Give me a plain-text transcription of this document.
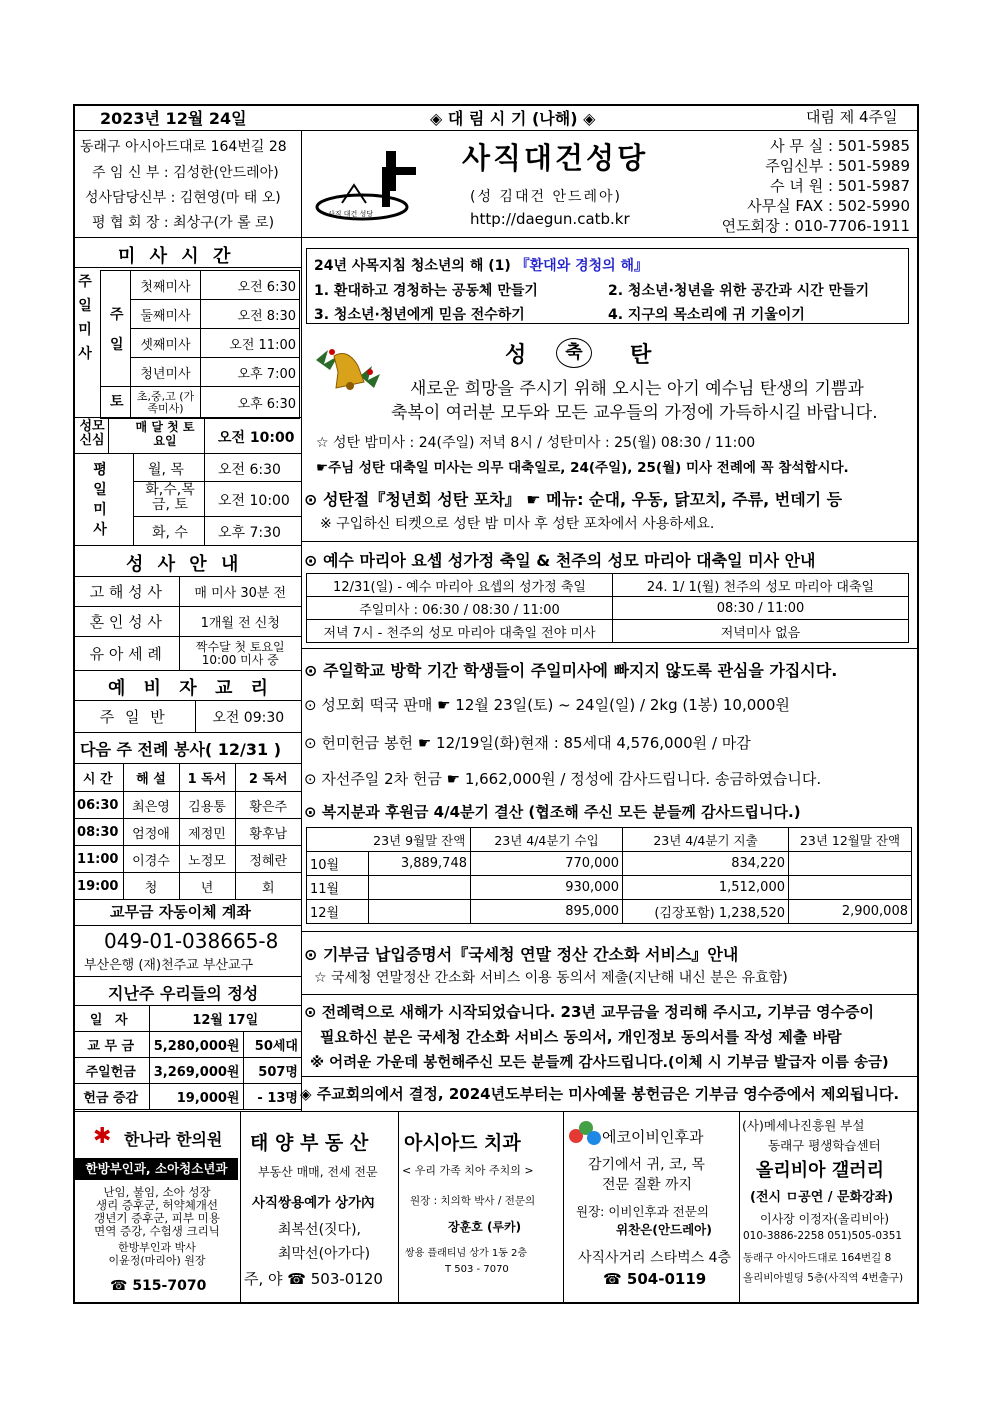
2023년 12월 24일	◈ 대 림 시 기 (나해) ◈	대림 제 4주일
동래구 아시아드대로 164번길 28
주 임 신 부 : 김성한(안드레아)
성사담당신부 : 김현영(마 태 오)
평 협 회 장 : 최상구(가 롤 로)
사직 대건 성당
사직대건성당
(성 김대건 안드레아)
http://daegun.catb.kr
사 무 실 : 501-5985
주임신부 : 501-5989
수 녀 원 : 501-5987
사무실 FAX : 502-5990
연도회장 : 010-7706-1911
미 사 시 간
주
일
미
사
주
일
토
	첫째미사	오전 6:30
	둘째미사	오전 8:30
	셋째미사	오전 11:00
	청년미사	오후 7:00
	초,중,고 (가족미사)	오후 6:30
성모 신심
매 달 첫 토요일	오전 10:00
평
일
미
사
월, 목 오전 6:30
화,수,목 금, 토	오전 10:00
화, 수 오후 7:30
성 사 안 내
고 해 성 사	매 미사 30분 전
혼 인 성 사	1개월 전 신청
유 아 세 례	짝수달 첫 토요일 10:00 미사 중
예 비 자 교 리
주 일 반	오전 09:30
다음 주 전례 봉사( 12/31 )
시 간	해 설	1 독서	2 독서
06:30	최은영	김용통	황은주
08:30	엄정애	제정민	황후남
11:00	이경수	노정모	정혜란
19:00	청	년	회
교무금 자동이체 계좌
049-01-038665-8
부산은행 (재)천주교 부산교구
지난주 우리들의 정성
일 자	12월 17일	
교 무 금	5,280,000원	50세대
주일헌금	3,269,000원	507명
헌금 증감	19,000원	- 13명
24년 사목지침 청소년의 해 (1) 『환대와 경청의 해』
1. 환대하고 경청하는 공동체 만들기	2. 청소년·청년을 위한 공간과 시간 만들기
3. 청소년·청년에게 믿음 전수하기	4. 지구의 목소리에 귀 기울이기
성	축	탄
새로운 희망을 주시기 위해 오시는 아기 예수님 탄생의 기쁨과
축복이 여러분 모두와 모든 교우들의 가정에 가득하시길 바랍니다.
☆ 성탄 밤미사 : 24(주일) 저녁 8시 / 성탄미사 : 25(월) 08:30 / 11:00
☛주님 성탄 대축일 미사는 의무 대축일로, 24(주일), 25(월) 미사 전례에 꼭 참석합시다.
⊙ 성탄절『청년회 성탄 포차』 ☛ 메뉴: 순대, 우동, 닭꼬치, 주류, 번데기 등
※ 구입하신 티켓으로 성탄 밤 미사 후 성탄 포차에서 사용하세요.
⊙ 예수 마리아 요셉 성가정 축일 & 천주의 성모 마리아 대축일 미사 안내
12/31(일) - 예수 마리아 요셉의 성가정 축일	24. 1/ 1(월) 천주의 성모 마리아 대축일
주일미사 : 06:30 / 08:30 / 11:00	08:30 / 11:00
저녁 7시 - 천주의 성모 마리아 대축일 전야 미사	저녁미사 없음
⊙ 주일학교 방학 기간 학생들이 주일미사에 빠지지 않도록 관심을 가집시다.
⊙ 성모회 떡국 판매 ☛ 12월 23일(토) ~ 24일(일) / 2kg (1봉) 10,000원
⊙ 헌미헌금 봉헌 ☛ 12/19일(화)현재 : 85세대 4,576,000원 / 마감
⊙ 자선주일 2차 헌금 ☛ 1,662,000원 / 정성에 감사드립니다. 송금하였습니다.
⊙ 복지분과 후원금 4/4분기 결산 (협조해 주신 모든 분들께 감사드립니다.)
	23년 9월말 잔액	23년 4/4분기 수입	23년 4/4분기 지출	23년 12월말 잔액
10월	3,889,748	770,000	834,220	
11월		930,000	1,512,000	
12월		895,000	(김장포함) 1,238,520	2,900,008
⊙ 기부금 납입증명서『국세청 연말 정산 간소화 서비스』안내
☆ 국세청 연말정산 간소화 서비스 이용 동의서 제출(지난해 내신 분은 유효함)
⊙ 전례력으로 새해가 시작되었습니다. 23년 교무금을 정리해 주시고, 기부금 영수증이
필요하신 분은 국세청 간소화 서비스 동의서, 개인정보 동의서를 작성 제출 바람
※ 어려운 가운데 봉헌해주신 모든 분들께 감사드립니다.(이체 시 기부금 발급자 이름 송금)
◈ 주교회의에서 결정, 2024년도부터는 미사예물 봉헌금은 기부금 영수증에서 제외됩니다.
✱ 한나라 한의원
한방부인과, 소아청소년과
난임, 불임, 소아 성장
생리 증후군, 허약체개선
갱년기 증후군, 피부 미용
면역 증강, 수험생 크리닉
한방부인과 박사
이윤정(마리아) 원장
☎ 515-7070
태 양 부 동 산
부동산 매매, 전세 전문
사직쌍용예가 상가內
최복선(짓다),
최막선(아가다)
주, 야 ☎ 503-0120
아시아드 치과
< 우리 가족 치아 주치의 >
원장 : 치의학 박사 / 전문의
장훈호 (루카)
쌍용 플래티넘 상가 1동 2층
T 503 - 7070
에코이비인후과
감기에서 귀, 코, 목
전문 질환 까지
원장: 이비인후과 전문의
위찬은(안드레아)
사직사거리 스타벅스 4층
☎ 504-0119
(사)메세나진흥원 부설
동래구 평생학습센터
올리비아 갤러리
(전시 ㅁ공연 / 문화강좌)
이사장 이정자(올리비아)
010-3886-2258 051)505-0351
동래구 아시아드대로 164번길 8
올리비아빌딩 5층(사직역 4번출구)
